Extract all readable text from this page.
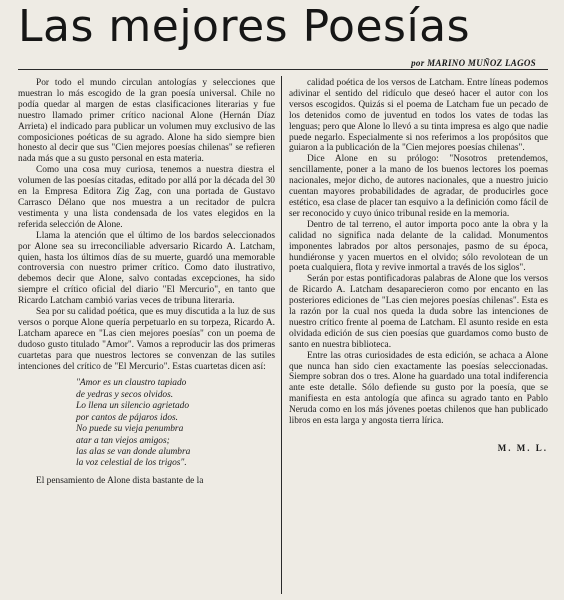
Las mejores Poesías
por MARINO MUÑOZ LAGOS

Por todo el mundo circulan antologías y selecciones que muestran lo más escogido de la gran poesía universal. Chile no podía quedar al margen de estas clasificaciones literarias y fue nuestro llamado primer crítico nacional Alone (Hernán Díaz Arrieta) el indicado para publicar un volumen muy exclusivo de las composiciones poéticas de su agrado. Alone ha sido siempre bien honesto al decir que sus "Cien mejores poesías chilenas" se refieren nada más que a su gusto personal en esta materia.

Como una cosa muy curiosa, tenemos a nuestra diestra el volumen de las poesías citadas, editado por allá por la década del 30 en la Empresa Editora Zig Zag, con una portada de Gustavo Carrasco Délano que nos muestra a un recitador de pulcra vestimenta y una lista condensada de los vates elegidos en la referida selección de Alone.

Llama la atención que el último de los bardos seleccionados por Alone sea su irreconciliable adversario Ricardo A. Latcham, quien, hasta los últimos días de su muerte, guardó una memorable controversia con nuestro primer crítico. Como dato ilustrativo, debemos decir que Alone, salvo contadas excepciones, ha sido siempre el crítico oficial del diario "El Mercurio", en tanto que Ricardo Latcham cambió varias veces de tribuna literaria.

Sea por su calidad poética, que es muy discutida a la luz de sus versos o porque Alone quería perpetuarlo en su torpeza, Ricardo A. Latcham aparece en "Las cien mejores poesías" con un poema de dudoso gusto titulado "Amor". Vamos a reproducir las dos primeras cuartetas para que nuestros lectores se convenzan de las sutiles intenciones del crítico de "El Mercurio". Estas cuartetas dicen así:

"Amor es un claustro tapiado
de yedras y secos olvidos.
Lo llena un silencio agrietado
por cantos de pájaros idos.
No puede su vieja penumbra
atar a tan viejos amigos;
las alas se van donde alumbra
la voz celestial de los trigos".

El pensamiento de Alone dista bastante de la

calidad poética de los versos de Latcham. Entre líneas podemos adivinar el sentido del ridículo que deseó hacer el autor con los versos escogidos. Quizás si el poema de Latcham fue un pecado de los detenidos como de juventud en todos los vates de todas las lenguas; pero que Alone lo llevó a su tinta impresa es algo que nadie puede negarlo. Especialmente si nos referimos a los propósitos que guiaron a la publicación de la "Cien mejores poesías chilenas".

Dice Alone en su prólogo: "Nosotros pretendemos, sencillamente, poner a la mano de los buenos lectores los poemas nacionales, mejor dicho, de autores nacionales, que a nuestro juicio cuentan mayores probabilidades de agradar, de producirles goce estético, esa clase de placer tan esquivo a la definición como fácil de ser reconocido y cuyo único tribunal reside en la memoria.

Dentro de tal terreno, el autor importa poco ante la obra y la calidad no significa nada delante de la calidad. Monumentos imponentes labrados por altos personajes, pasmo de su época, hundiéronse y yacen muertos en el olvido; sólo revolotean de un poeta cualquiera, flota y revive inmortal a través de los siglos".

Serán por estas pontificadoras palabras de Alone que los versos de Ricardo A. Latcham desaparecieron como por encanto en las posteriores ediciones de "Las cien mejores poesías chilenas". Esta es la razón por la cual nos queda la duda sobre las intenciones de nuestro crítico frente al poema de Latcham. El asunto reside en esta olvidada edición de sus cien poesías que guardamos como busto de santo en nuestra biblioteca.

Entre las otras curiosidades de esta edición, se achaca a Alone que nunca han sido cien exactamente las poesías seleccionadas. Siempre sobran dos o tres. Alone ha guardado una total indiferencia ante este detalle. Sólo defiende su gusto por la poesía, que se manifiesta en esta antología que afinca su agrado tanto en Pablo Neruda como en los más jóvenes poetas chilenos que han publicado libros en esta larga y angosta tierra lírica.

M. M. L.
